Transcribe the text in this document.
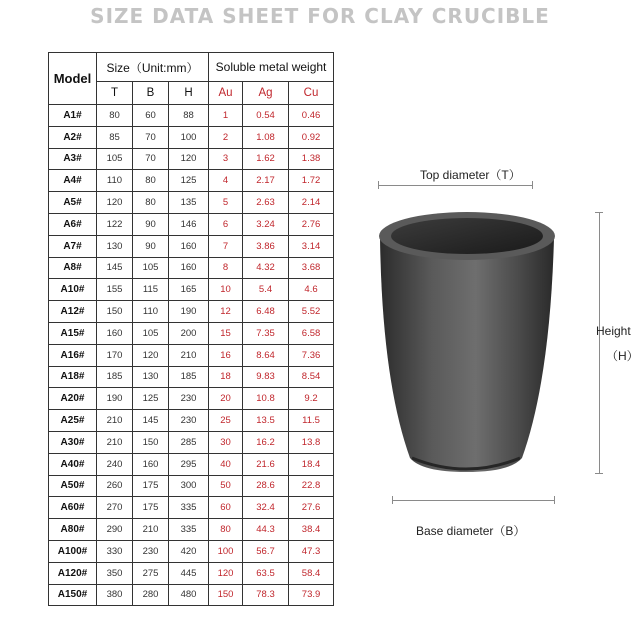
SIZE DATA SHEET FOR CLAY CRUCIBLE
Model	Size（Unit:mm）			Soluble metal weight		
	T	B	H	Au	Ag	Cu
A1#	80	60	88	1	0.54	0.46
A2#	85	70	100	2	1.08	0.92
A3#	105	70	120	3	1.62	1.38
A4#	110	80	125	4	2.17	1.72
A5#	120	80	135	5	2.63	2.14
A6#	122	90	146	6	3.24	2.76
A7#	130	90	160	7	3.86	3.14
A8#	145	105	160	8	4.32	3.68
A10#	155	115	165	10	5.4	4.6
A12#	150	110	190	12	6.48	5.52
A15#	160	105	200	15	7.35	6.58
A16#	170	120	210	16	8.64	7.36
A18#	185	130	185	18	9.83	8.54
A20#	190	125	230	20	10.8	9.2
A25#	210	145	230	25	13.5	11.5
A30#	210	150	285	30	16.2	13.8
A40#	240	160	295	40	21.6	18.4
A50#	260	175	300	50	28.6	22.8
A60#	270	175	335	60	32.4	27.6
A80#	290	210	335	80	44.3	38.4
A100#	330	230	420	100	56.7	47.3
A120#	350	275	445	120	63.5	58.4
A150#	380	280	480	150	78.3	73.9
Top diameter（T）
Height
（H）
Base diameter（B）
